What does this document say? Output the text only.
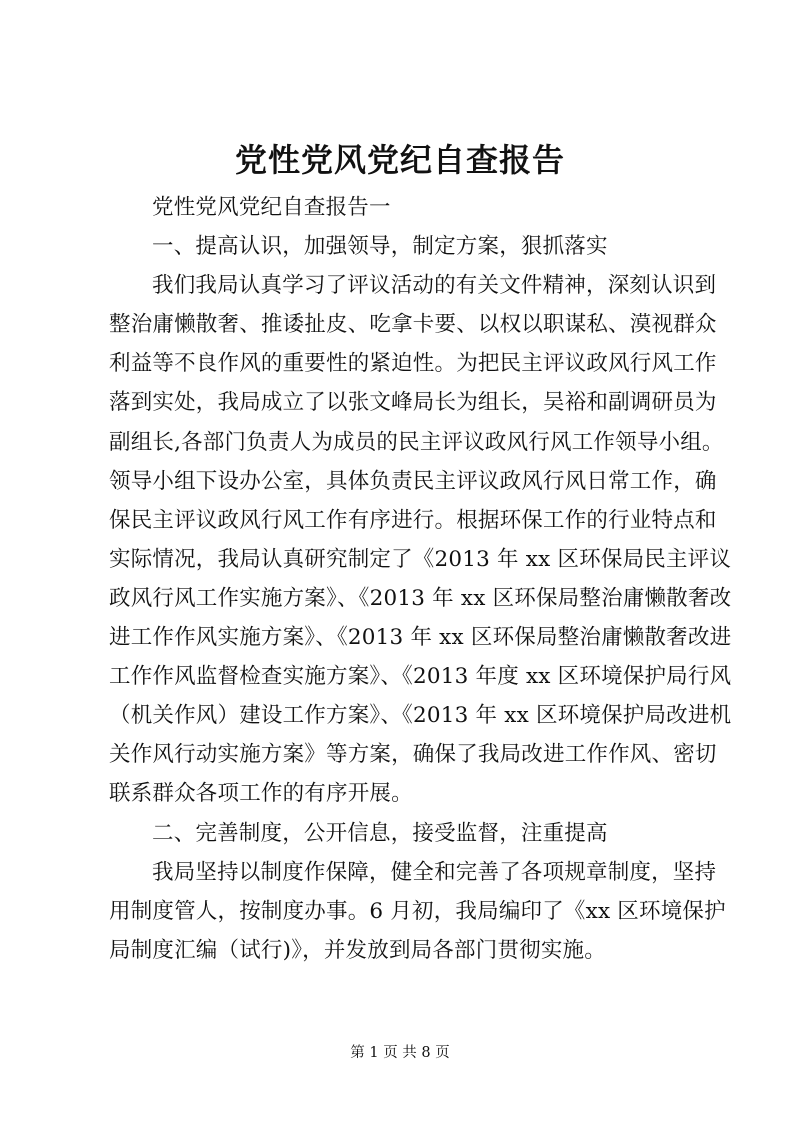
党性党风党纪自查报告
党性党风党纪自查报告一
一、提高认识，加强领导，制定方案，狠抓落实
我们我局认真学习了评议活动的有关文件精神，深刻认识到
整治庸懒散奢、推诿扯皮、吃拿卡要、以权以职谋私、漠视群众
利益等不良作风的重要性的紧迫性。为把民主评议政风行风工作
落到实处，我局成立了以张文峰局长为组长，吴裕和副调研员为
副组长,各部门负责人为成员的民主评议政风行风工作领导小组。
领导小组下设办公室，具体负责民主评议政风行风日常工作，确
保民主评议政风行风工作有序进行。根据环保工作的行业特点和
实际情况，我局认真研究制定了《2013 年 xx 区环保局民主评议
政风行风工作实施方案》、《2013 年 xx 区环保局整治庸懒散奢改
进工作作风实施方案》、《2013 年 xx 区环保局整治庸懒散奢改进
工作作风监督检查实施方案》、《2013 年度 xx 区环境保护局行风
（机关作风）建设工作方案》、《2013 年 xx 区环境保护局改进机
关作风行动实施方案》等方案，确保了我局改进工作作风、密切
联系群众各项工作的有序开展。
二、完善制度，公开信息，接受监督，注重提高
我局坚持以制度作保障，健全和完善了各项规章制度，坚持
用制度管人，按制度办事。6 月初，我局编印了《xx 区环境保护
局制度汇编（试行)》，并发放到局各部门贯彻实施。
第 1 页 共 8 页
